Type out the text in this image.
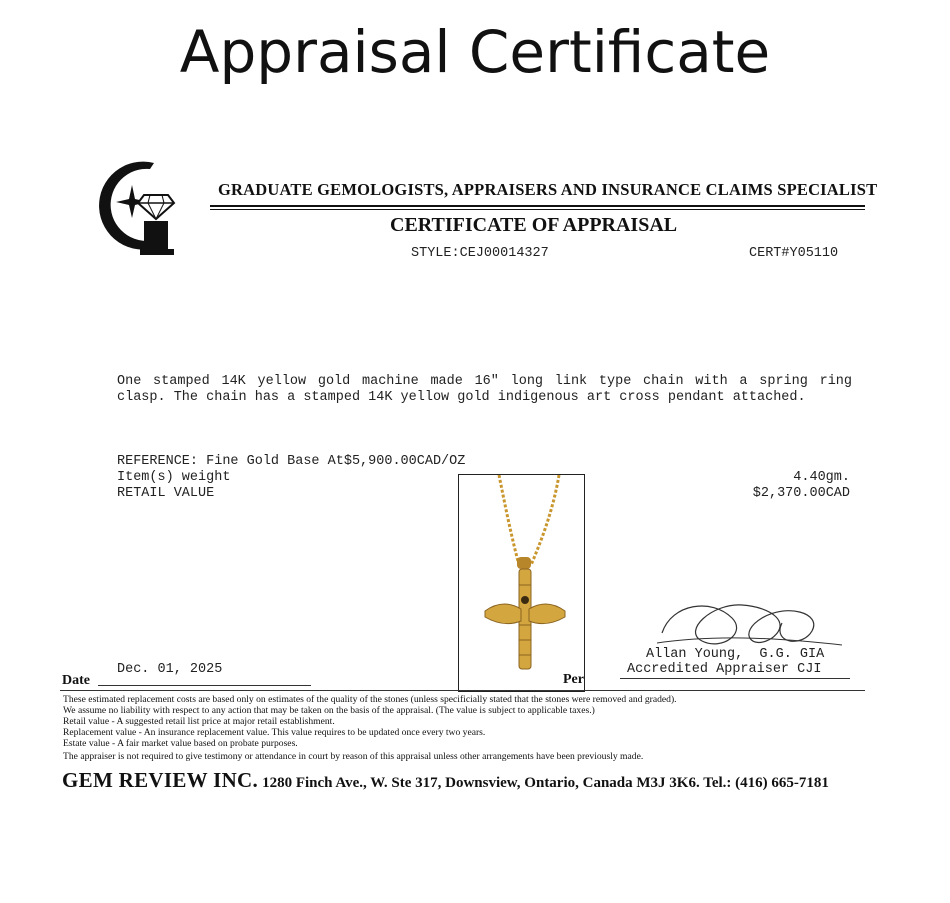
Appraisal Certificate
GRADUATE GEMOLOGISTS, APPRAISERS AND INSURANCE CLAIMS SPECIALIST
CERTIFICATE OF APPRAISAL
STYLE:CEJ00014327	CERT#Y05110
One stamped 14K yellow gold machine made 16" long link type chain with a spring ring clasp. The chain has a stamped 14K yellow gold indigenous art cross pendant attached.
REFERENCE: Fine Gold Base At$5,900.00CAD/OZ
Item(s) weight
RETAIL VALUE
4.40gm.
$2,370.00CAD
Allan Young,  G.G. GIA
Accredited Appraiser CJI
Date
Dec. 01, 2025
Per
These estimated replacement costs are based only on estimates of the quality of the stones (unless specificially stated that the stones were removed and graded).
We assume no liability with respect to any action that may be taken on the basis of the appraisal. (The value is subject to applicable taxes.)
Retail value - A suggested retail list price at major retail establishment.
Replacement value - An insurance replacement value. This value requires to be updated once every two years.
Estate value - A fair market value based on probate purposes.
The appraiser is not required to give testimony or attendance in court by reason of this appraisal unless other arrangements have been previously made.
GEM REVIEW INC. 1280 Finch Ave., W. Ste 317, Downsview, Ontario, Canada M3J 3K6. Tel.: (416) 665-7181
